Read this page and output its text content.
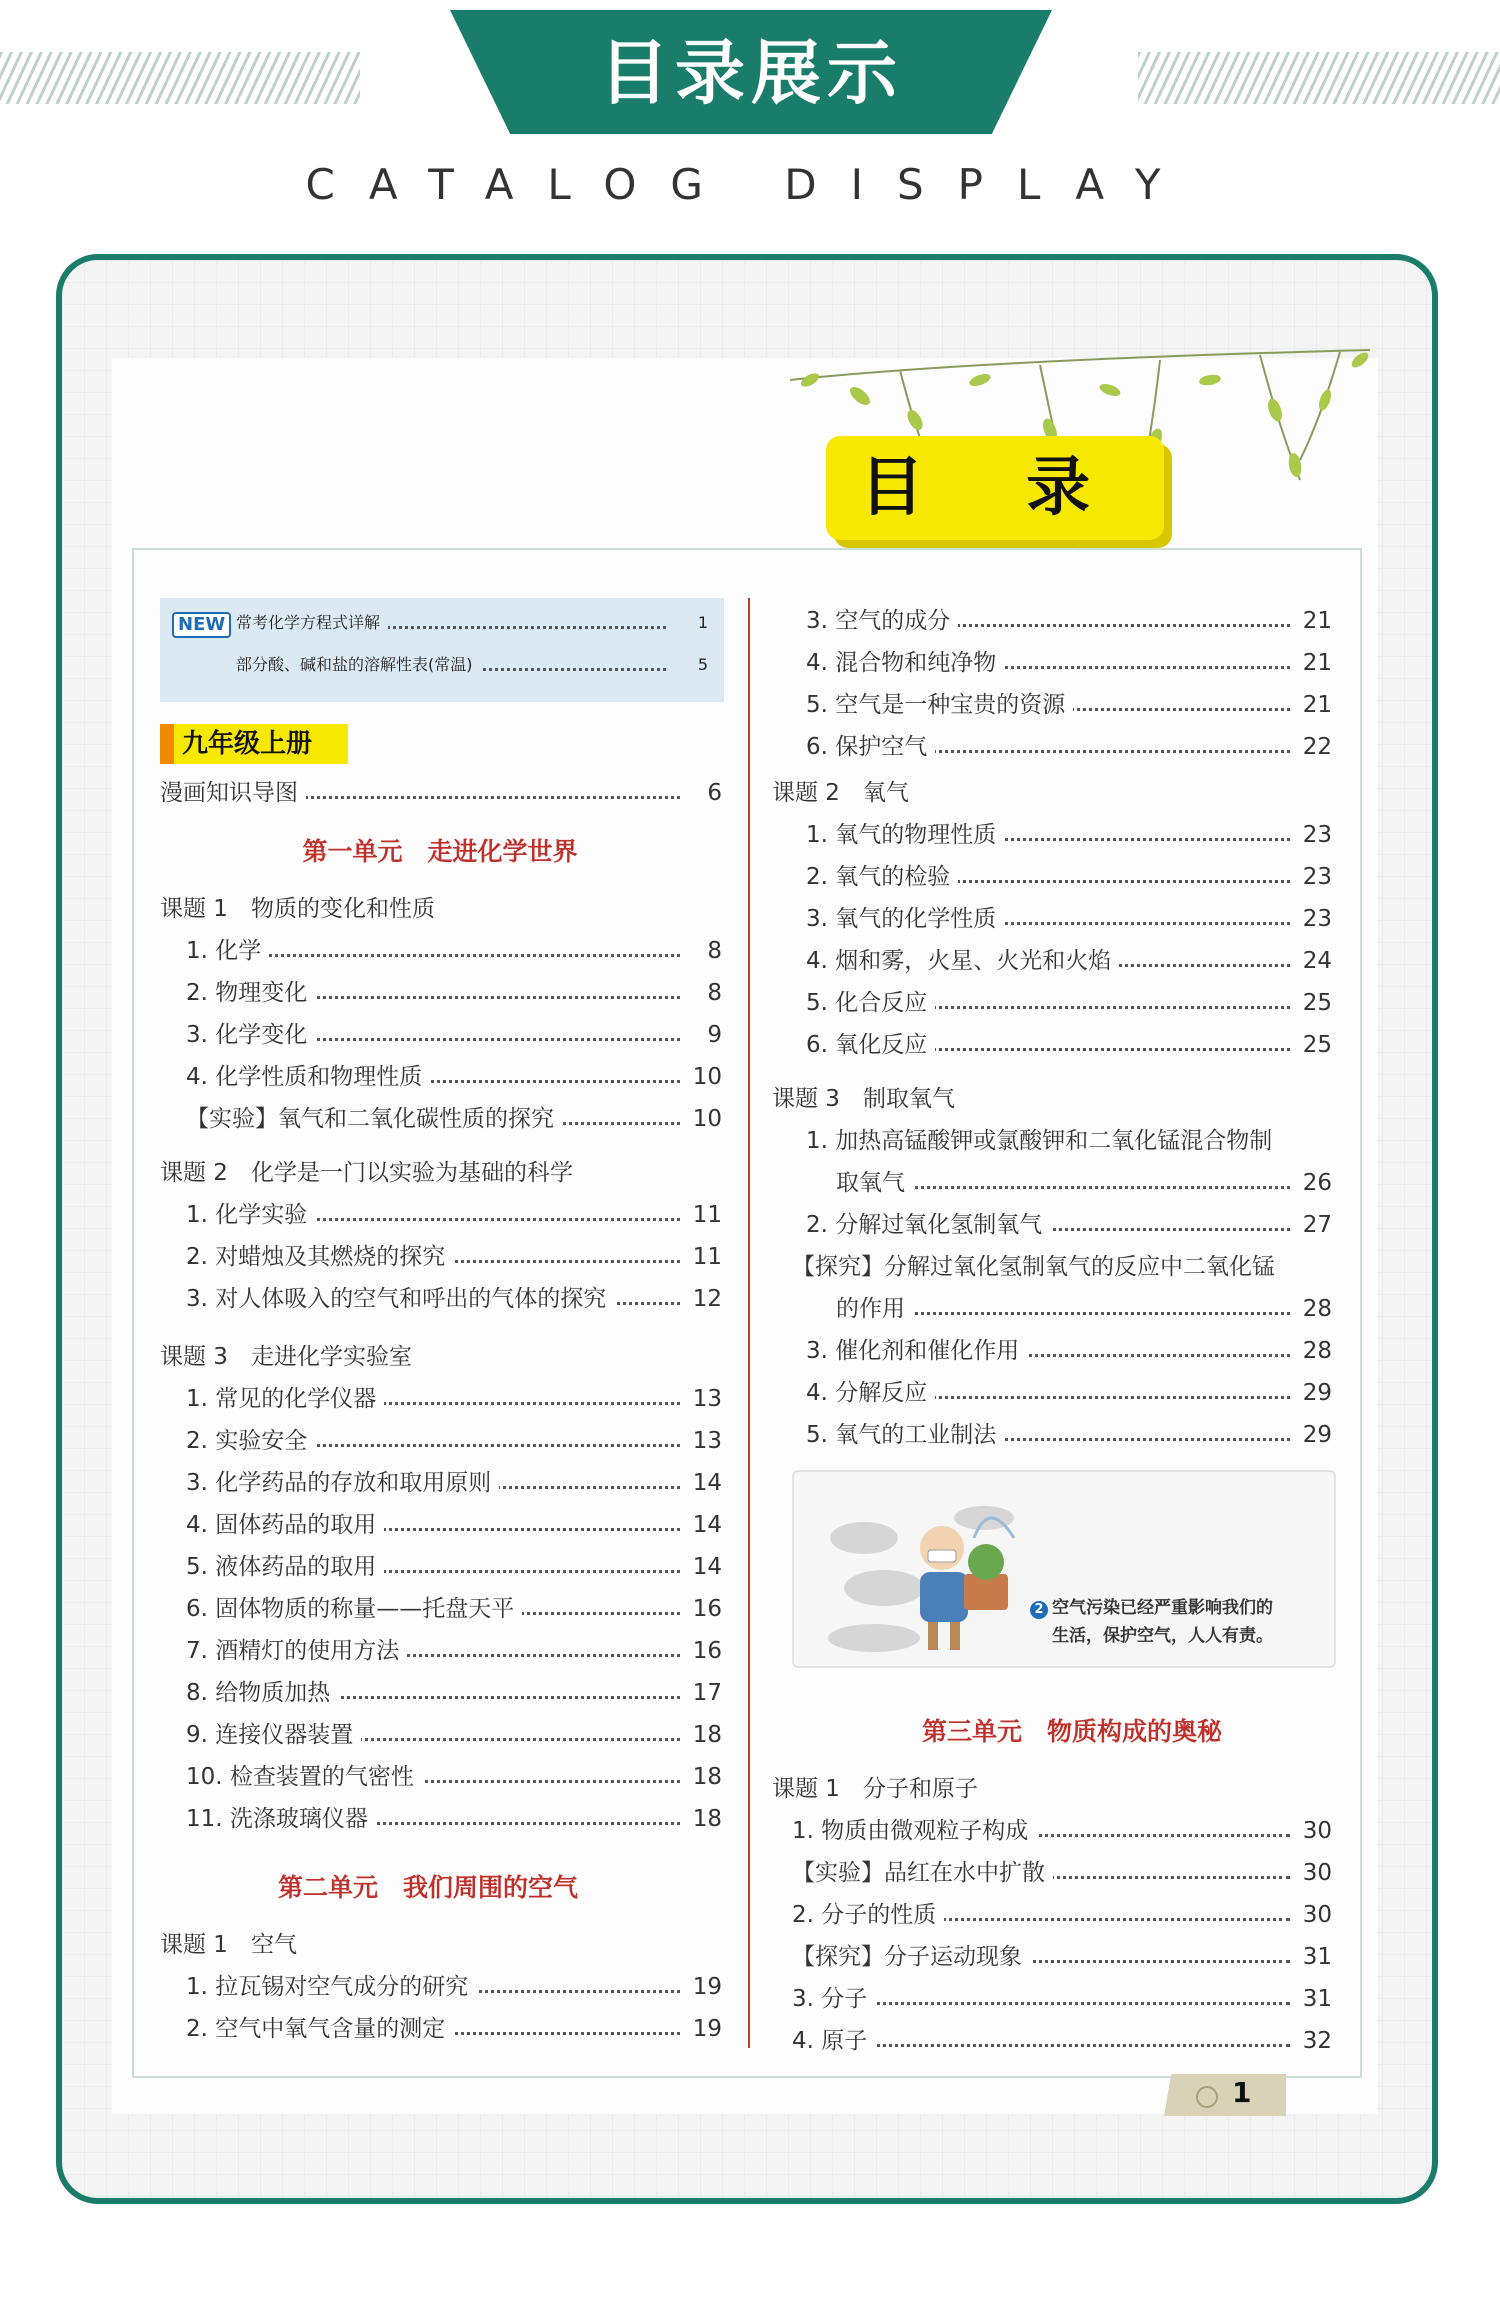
目录展示
CATALOG DISPLAY
目 录
常考化学方程式详解	1
部分酸、碱和盐的溶解性表(常温)	5
NEW
九年级上册
漫画知识导图	6
第一单元　走进化学世界
课题 1　物质的变化和性质
1. 化学	8
2. 物理变化	8
3. 化学变化	9
4. 化学性质和物理性质	10
【实验】氧气和二氧化碳性质的探究	10
课题 2　化学是一门以实验为基础的科学
1. 化学实验	11
2. 对蜡烛及其燃烧的探究	11
3. 对人体吸入的空气和呼出的气体的探究	12
课题 3　走进化学实验室
1. 常见的化学仪器	13
2. 实验安全	13
3. 化学药品的存放和取用原则	14
4. 固体药品的取用	14
5. 液体药品的取用	14
6. 固体物质的称量——托盘天平	16
7. 酒精灯的使用方法	16
8. 给物质加热	17
9. 连接仪器装置	18
10. 检查装置的气密性	18
11. 洗涤玻璃仪器	18
第二单元　我们周围的空气
课题 1　空气
1. 拉瓦锡对空气成分的研究	19
2. 空气中氧气含量的测定	19
3. 空气的成分	21
4. 混合物和纯净物	21
5. 空气是一种宝贵的资源	21
6. 保护空气	22
课题 2　氧气
1. 氧气的物理性质	23
2. 氧气的检验	23
3. 氧气的化学性质	23
4. 烟和雾，火星、火光和火焰	24
5. 化合反应	25
6. 氧化反应	25
课题 3　制取氧气
1. 加热高锰酸钾或氯酸钾和二氧化锰混合物制
取氧气	26
2. 分解过氧化氢制氧气	27
【探究】分解过氧化氢制氧气的反应中二氧化锰
的作用	28
3. 催化剂和催化作用	28
4. 分解反应	29
5. 氧气的工业制法	29
第三单元　物质构成的奥秘
课题 1　分子和原子
1. 物质由微观粒子构成	30
【实验】品红在水中扩散	30
2. 分子的性质	30
【探究】分子运动现象	31
3. 分子	31
4. 原子	32
2 空气污染已经严重影响我们的
生活，保护空气，人人有责。
1
